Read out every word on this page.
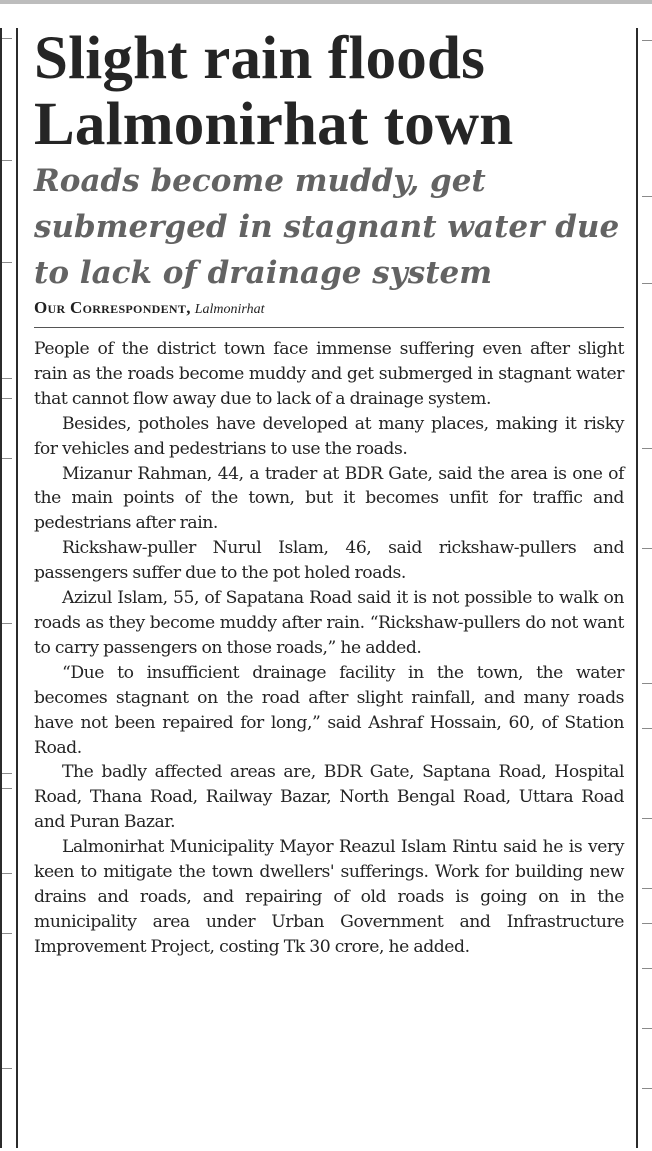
Slight rain floods Lalmonirhat town
Roads become muddy, get submerged in stagnant water due to lack of drainage system
Our Correspondent, Lalmonirhat

People of the district town face immense suffering even after slight rain as the roads become muddy and get submerged in stagnant water that cannot flow away due to lack of a drainage system.

Besides, potholes have developed at many places, making it risky for vehicles and pedestrians to use the roads.

Mizanur Rahman, 44, a trader at BDR Gate, said the area is one of the main points of the town, but it becomes unfit for traffic and pedestrians after rain.

Rickshaw-puller Nurul Islam, 46, said rickshaw-pullers and passengers suffer due to the pot holed roads.

Azizul Islam, 55, of Sapatana Road said it is not possible to walk on roads as they become muddy after rain. “Rickshaw-pullers do not want to carry passengers on those roads,” he added.

“Due to insufficient drainage facility in the town, the water becomes stagnant on the road after slight rainfall, and many roads have not been repaired for long,” said Ashraf Hossain, 60, of Station Road.

The badly affected areas are, BDR Gate, Saptana Road, Hospital Road, Thana Road, Railway Bazar, North Bengal Road, Uttara Road and Puran Bazar.

Lalmonirhat Municipality Mayor Reazul Islam Rintu said he is very keen to mitigate the town dwellers' sufferings. Work for building new drains and roads, and repairing of old roads is going on in the municipality area under Urban Government and Infrastructure Improvement Project, costing Tk 30 crore, he added.
